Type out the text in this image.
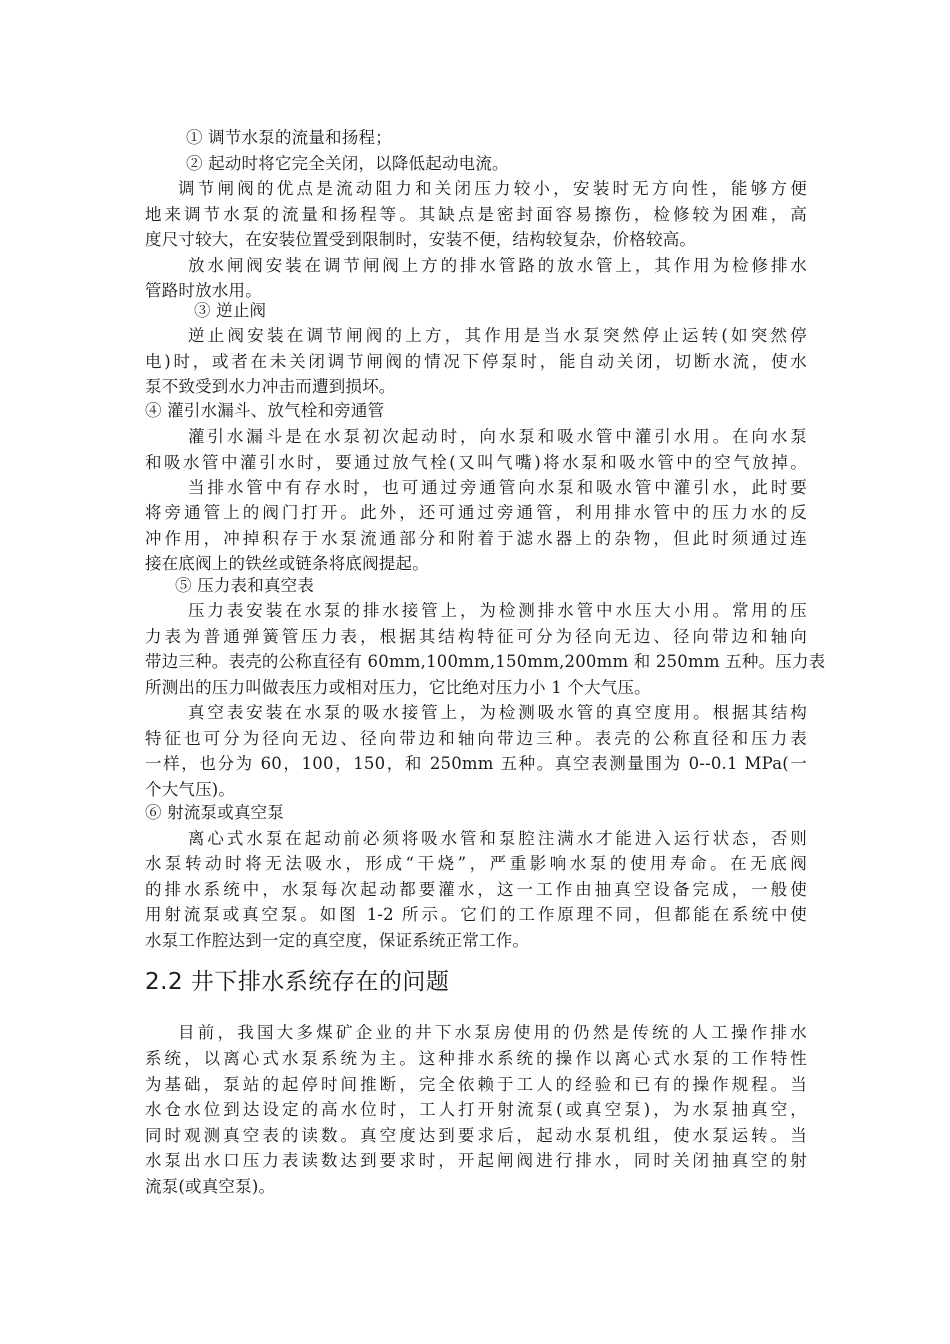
① 调节水泵的流量和扬程；
② 起动时将它完全关闭，以降低起动电流。
调节闸阀的优点是流动阻力和关闭压力较小，安装时无方向性，能够方便
地来调节水泵的流量和扬程等。其缺点是密封面容易擦伤，检修较为困难，高
度尺寸较大，在安装位置受到限制时，安装不便，结构较复杂，价格较高。
放水闸阀安装在调节闸阀上方的排水管路的放水管上，其作用为检修排水
管路时放水用。
③ 逆止阀
逆止阀安装在调节闸阀的上方，其作用是当水泵突然停止运转(如突然停
电)时，或者在未关闭调节闸阀的情况下停泵时，能自动关闭，切断水流，使水
泵不致受到水力冲击而遭到损坏。
④ 灌引水漏斗、放气栓和旁通管
灌引水漏斗是在水泵初次起动时，向水泵和吸水管中灌引水用。在向水泵
和吸水管中灌引水时，要通过放气栓(又叫气嘴)将水泵和吸水管中的空气放掉。
当排水管中有存水时，也可通过旁通管向水泵和吸水管中灌引水，此时要
将旁通管上的阀门打开。此外，还可通过旁通管，利用排水管中的压力水的反
冲作用，冲掉积存于水泵流通部分和附着于滤水器上的杂物，但此时须通过连
接在底阀上的铁丝或链条将底阀提起。
⑤ 压力表和真空表
压力表安装在水泵的排水接管上，为检测排水管中水压大小用。常用的压
力表为普通弹簧管压力表，根据其结构特征可分为径向无边、径向带边和轴向
带边三种。表壳的公称直径有 60mm,100mm,150mm,200mm 和 250mm 五种。压力表
所测出的压力叫做表压力或相对压力，它比绝对压力小 1 个大气压。
真空表安装在水泵的吸水接管上，为检测吸水管的真空度用。根据其结构
特征也可分为径向无边、径向带边和轴向带边三种。表壳的公称直径和压力表
一样，也分为 60，100，150，和 250mm 五种。真空表测量围为 0--0.1 MPa(一
个大气压)。
⑥ 射流泵或真空泵
离心式水泵在起动前必须将吸水管和泵腔注满水才能进入运行状态，否则
水泵转动时将无法吸水，形成“干烧”，严重影响水泵的使用寿命。在无底阀
的排水系统中，水泵每次起动都要灌水，这一工作由抽真空设备完成，一般使
用射流泵或真空泵。如图 1-2 所示。它们的工作原理不同，但都能在系统中使
水泵工作腔达到一定的真空度，保证系统正常工作。
2.2 井下排水系统存在的问题
目前，我国大多煤矿企业的井下水泵房使用的仍然是传统的人工操作排水
系统，以离心式水泵系统为主。这种排水系统的操作以离心式水泵的工作特性
为基础，泵站的起停时间推断，完全依赖于工人的经验和已有的操作规程。当
水仓水位到达设定的高水位时，工人打开射流泵(或真空泵)，为水泵抽真空，
同时观测真空表的读数。真空度达到要求后，起动水泵机组，使水泵运转。当
水泵出水口压力表读数达到要求时，开起闸阀进行排水，同时关闭抽真空的射
流泵(或真空泵)。
